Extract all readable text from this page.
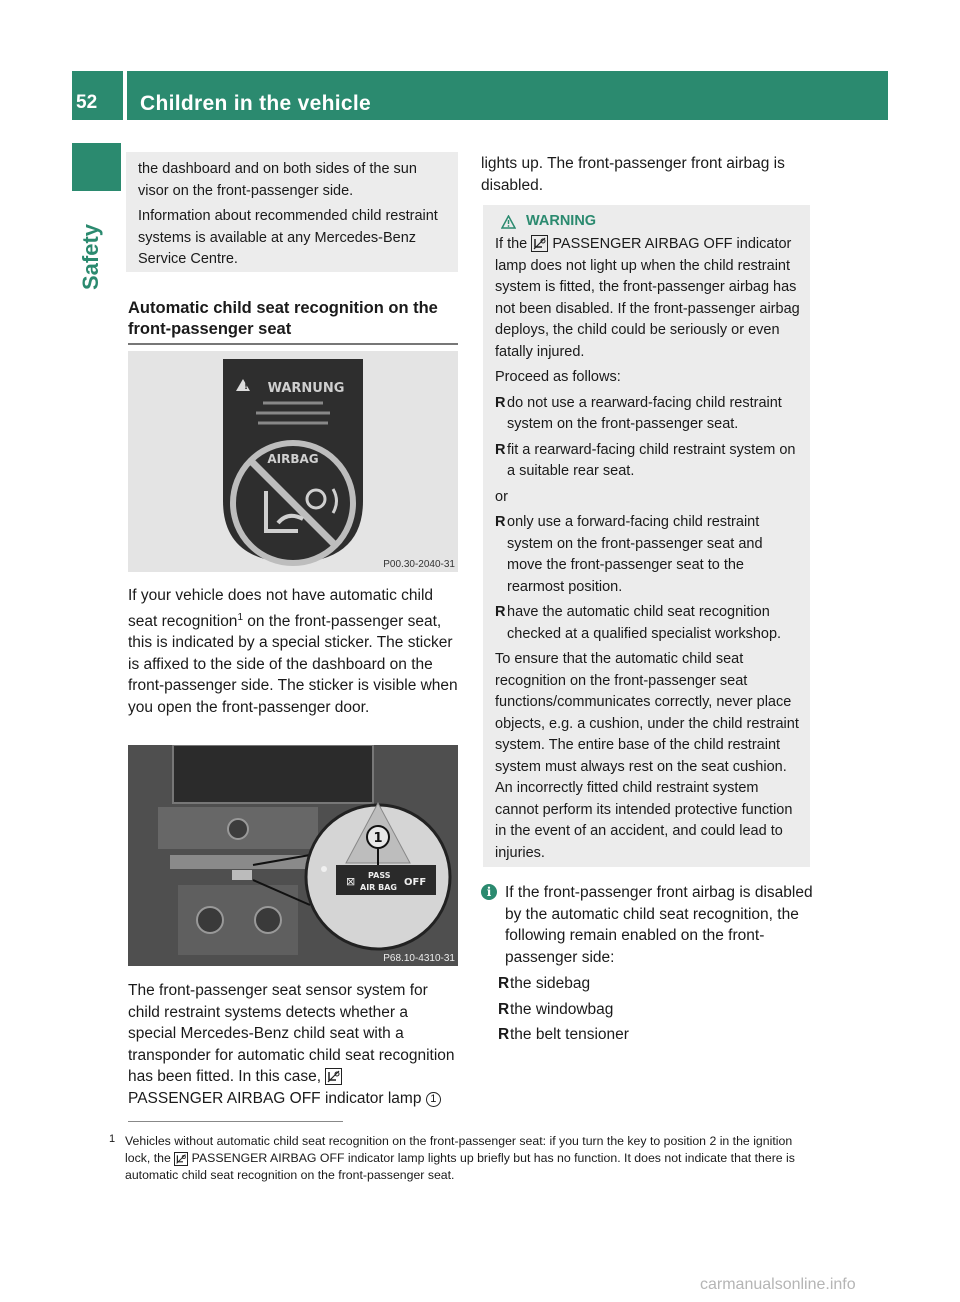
52 Children in the vehicle
Safety

the dashboard and on both sides of the sun visor on the front-passenger side.

Information about recommended child restraint systems is available at any Mercedes-Benz Service Centre.

Automatic child seat recognition on the front-passenger seat
! WARNUNG
AIRBAG
P00.30-2040-31
If your vehicle does not have automatic child seat recognition$^1$ on the front-passenger seat, this is indicated by a special sticker. The sticker is affixed to the side of the dashboard on the front-passenger side. The sticker is visible when you open the front-passenger door.
1
⊠ PASS
AIR BAG OFF
P68.10-4310-31
The front-passenger seat sensor system for child restraint systems detects whether a special Mercedes-Benz child seat with a transponder for automatic child seat recognition has been fitted. In this case,
PASSENGER AIRBAG OFF indicator lamp 1
lights up. The front-passenger front airbag is disabled.
WARNING

If the PASSENGER AIRBAG OFF indicator lamp does not light up when the child restraint system is fitted, the front-passenger airbag has not been disabled. If the front-passenger airbag deploys, the child could be seriously or even fatally injured.

Proceed as follows:

R do not use a rearward-facing child restraint system on the front-passenger seat.
R fit a rearward-facing child restraint system on a suitable rear seat.

or

R only use a forward-facing child restraint system on the front-passenger seat and move the front-passenger seat to the rearmost position.
R have the automatic child seat recognition checked at a qualified specialist workshop.

To ensure that the automatic child seat recognition on the front-passenger seat functions/communicates correctly, never place objects, e.g. a cushion, under the child restraint system. The entire base of the child restraint system must always rest on the seat cushion. An incorrectly fitted child restraint system cannot perform its intended protective function in the event of an accident, and could lead to injuries.

i If the front-passenger front airbag is disabled by the automatic child seat recognition, the following remain enabled on the front-passenger side:
R the sidebag
R the windowbag
R the belt tensioner
1 Vehicles without automatic child seat recognition on the front-passenger seat: if you turn the key to position 2 in the ignition lock, the PASSENGER AIRBAG OFF indicator lamp lights up briefly but has no function. It does not indicate that there is automatic child seat recognition on the front-passenger seat.
carmanualsonline.info
